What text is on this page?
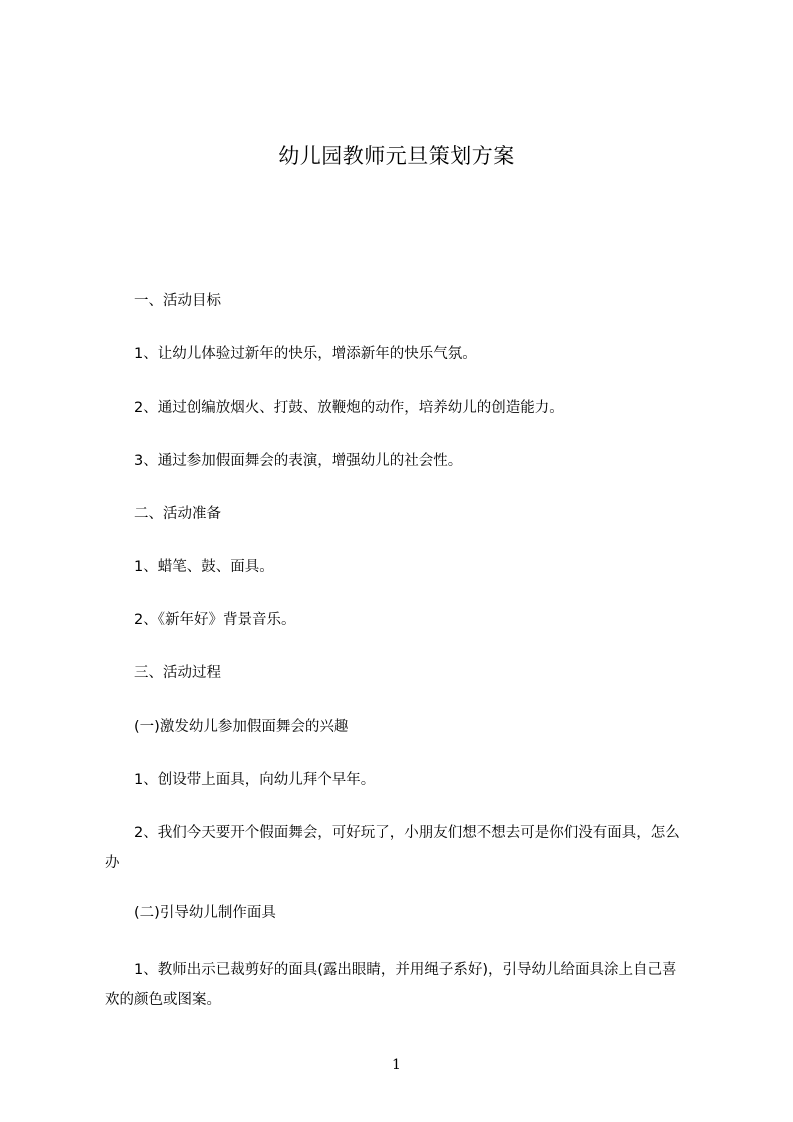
幼儿园教师元旦策划方案
一、活动目标
1、让幼儿体验过新年的快乐，增添新年的快乐气氛。
2、通过创编放烟火、打鼓、放鞭炮的动作，培养幼儿的创造能力。
3、通过参加假面舞会的表演，增强幼儿的社会性。
二、活动准备
1、蜡笔、鼓、面具。
2、《新年好》背景音乐。
三、活动过程
(一)激发幼儿参加假面舞会的兴趣
1、创设带上面具，向幼儿拜个早年。
2、我们今天要开个假面舞会，可好玩了，小朋友们想不想去可是你们没有面具，怎么办
(二)引导幼儿制作面具
1、教师出示已裁剪好的面具(露出眼睛，并用绳子系好)，引导幼儿给面具涂上自己喜欢的颜色或图案。
1
